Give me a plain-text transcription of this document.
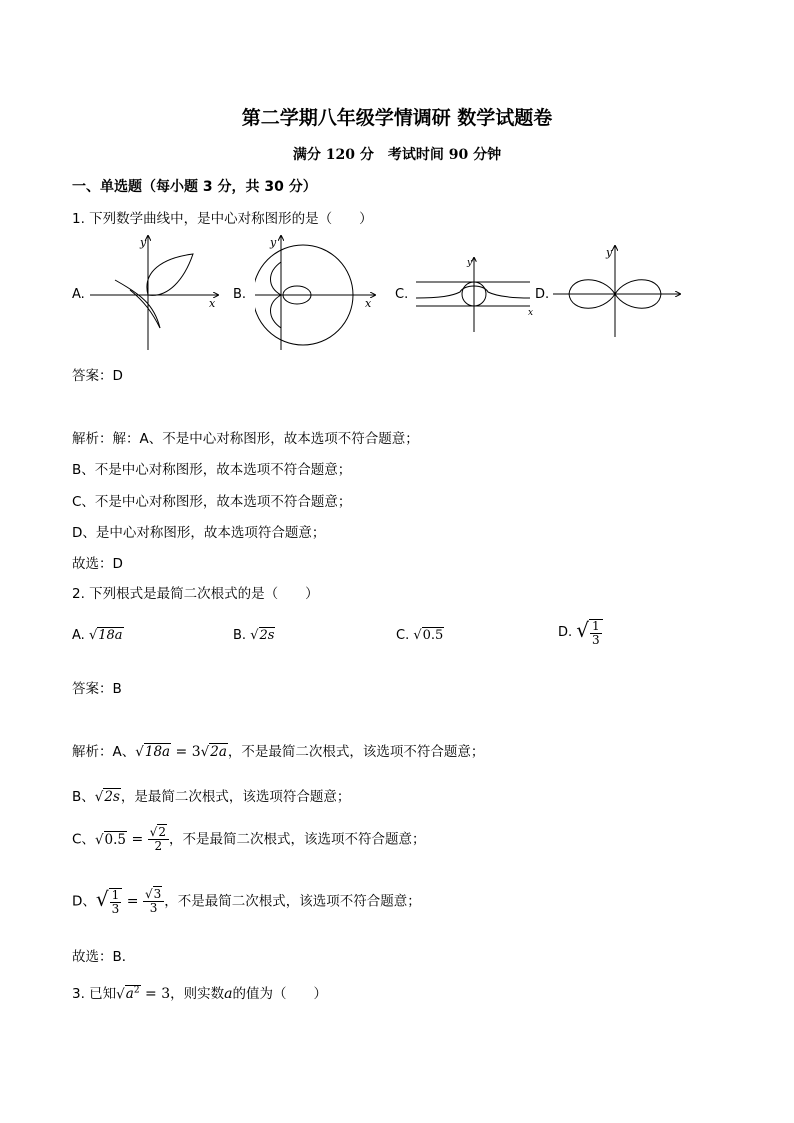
第二学期八年级学情调研 数学试题卷
满分 120 分　考试时间 90 分钟
一、单选题（每小题 3 分，共 30 分）
1. 下列数学曲线中，是中心对称图形的是（　　）
A.	B.	C.	D.
y
x
y
x
y
x
y
答案：D
解析：解：A、不是中心对称图形，故本选项不符合题意；
B、不是中心对称图形，故本选项不符合题意；
C、不是中心对称图形，故本选项不符合题意；
D、是中心对称图形，故本选项符合题意；
故选：D
2. 下列根式是最简二次根式的是（　　）
A. √18a	B. √2s	C. √0.5	D. √ $\frac{1}{3}$
答案：B
解析：A、√18a = 3√2a，不是最简二次根式，该选项不符合题意；
B、√2s，是最简二次根式，该选项符合题意；
C、$√0.5 = \frac{√2}{2}$ ，不是最简二次根式，该选项不符合题意；
D、√ $\frac{1}{3} = \frac{√3}{3}$ ，不是最简二次根式，该选项不符合题意；
故选：B．
3. 已知$√a^2 = 3$，则实数a的值为（　　）
